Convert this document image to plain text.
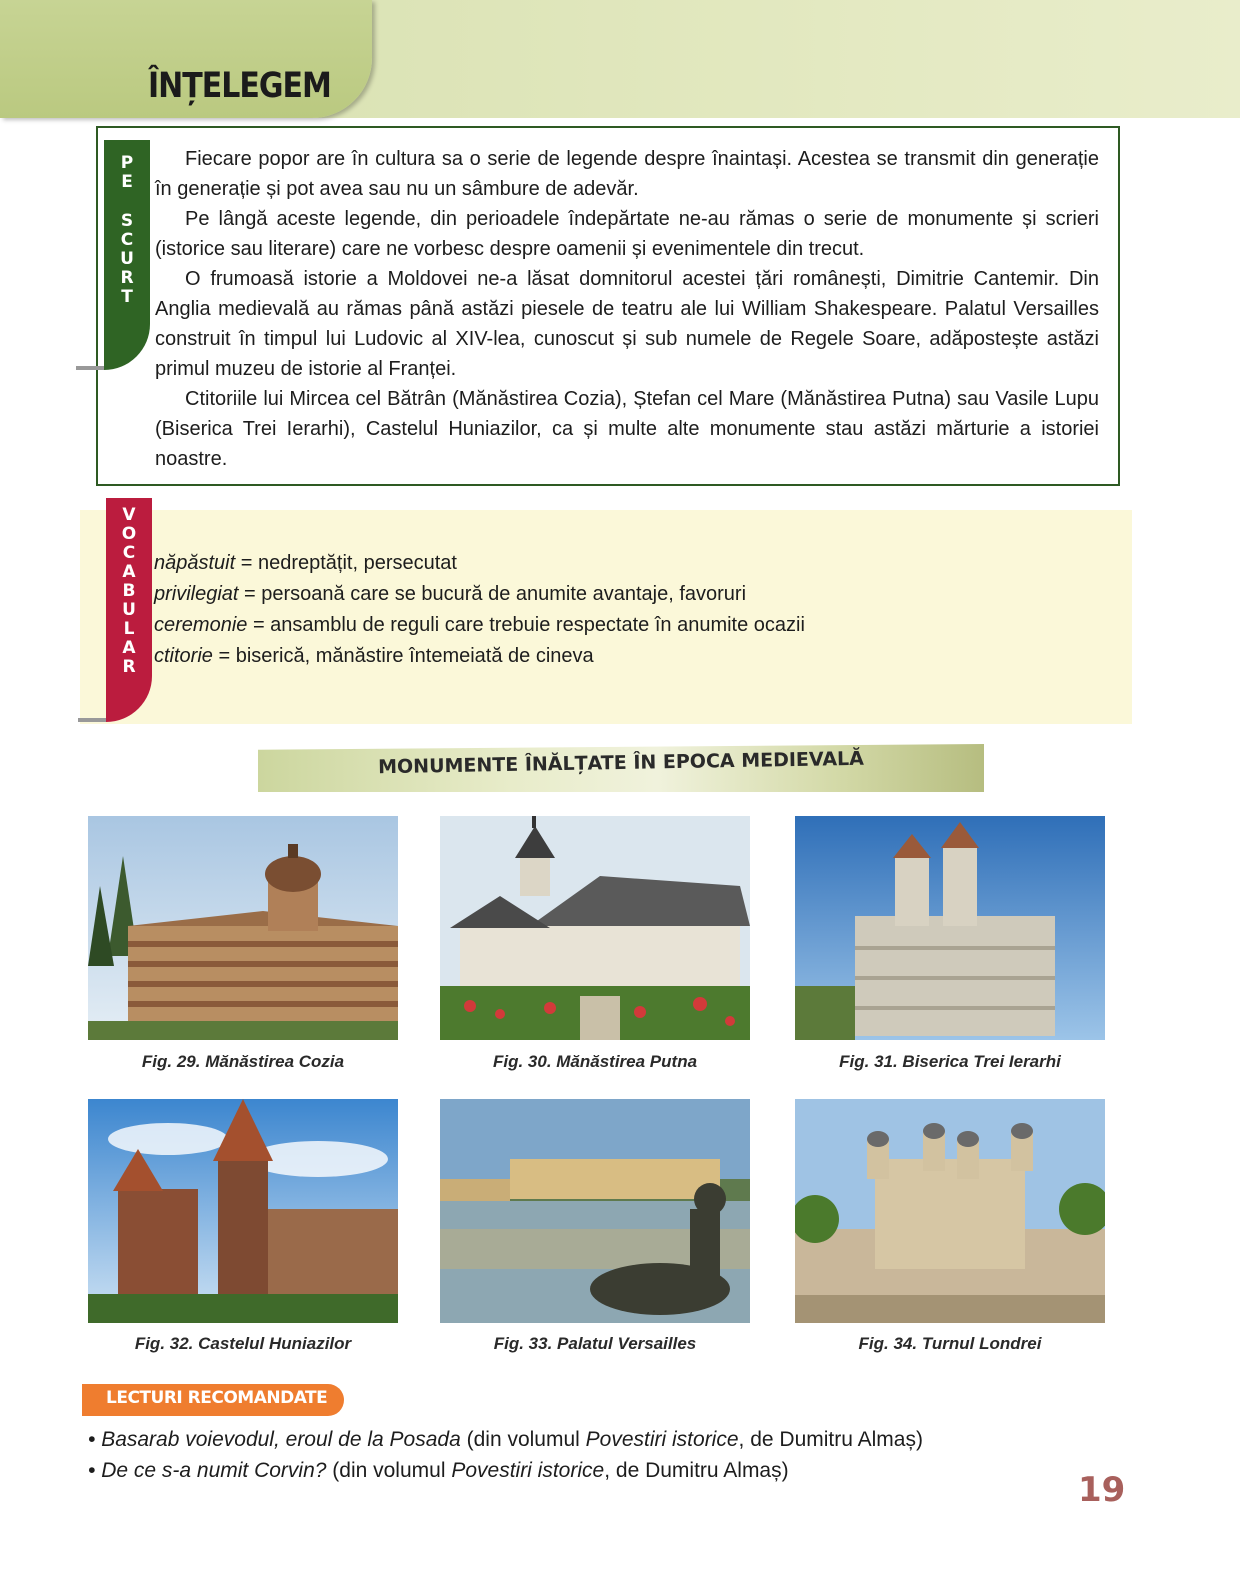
ÎNȚELEGEM
P
E
S
C
U
R
T

Fiecare popor are în cultura sa o serie de legende despre înaintași. Acestea se transmit din generație în generație și pot avea sau nu un sâmbure de adevăr.

Pe lângă aceste legende, din perioadele îndepărtate ne-au rămas o serie de monumente și scrieri (istorice sau literare) care ne vorbesc despre oamenii și evenimentele din trecut.

O frumoasă istorie a Moldovei ne-a lăsat domnitorul acestei țări românești, Dimitrie Cantemir. Din Anglia medievală au rămas până astăzi piesele de teatru ale lui William Shakespeare. Palatul Versailles construit în timpul lui Ludovic al XIV-lea, cunoscut și sub numele de Regele Soare, adăpostește astăzi primul muzeu de istorie al Franței.

Ctitoriile lui Mircea cel Bătrân (Mănăstirea Cozia), Ștefan cel Mare (Mănăstirea Putna) sau Vasile Lupu (Biserica Trei Ierarhi), Castelul Huniazilor, ca și multe alte monumente stau astăzi mărturie a istoriei noastre.

V
O
C
A
B
U
L
A
R
năpăstuit = nedreptățit, persecutat
privilegiat = persoană care se bucură de anumite avantaje, favoruri
ceremonie = ansamblu de reguli care trebuie respectate în anumite ocazii
ctitorie = biserică, mănăstire întemeiată de cineva
MONUMENTE ÎNĂLȚATE ÎN EPOCA MEDIEVALĂ
Fig. 29. Mănăstirea Cozia	Fig. 30. Mănăstirea Putna	Fig. 31. Biserica Trei Ierarhi
Fig. 32. Castelul Huniazilor	Fig. 33. Palatul Versailles	Fig. 34. Turnul Londrei
LECTURI RECOMANDATE
• Basarab voievodul, eroul de la Posada (din volumul Povestiri istorice, de Dumitru Almaș)
• De ce s-a numit Corvin? (din volumul Povestiri istorice, de Dumitru Almaș)	19
